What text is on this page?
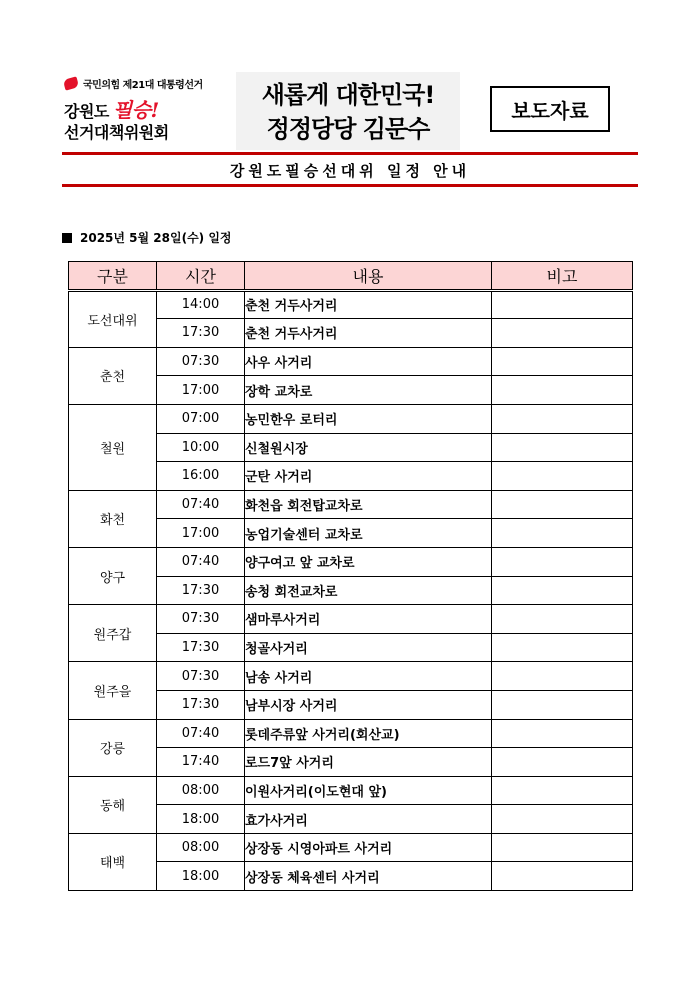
국민의힘 제21대 대통령선거
강원도 필승!
선거대책위원회
새롭게 대한민국!
정정당당 김문수
보도자료
강원도필승선대위 일정 안내
2025년 5월 28일(수) 일정
구분	시간	내용	비고
도선대위	14:00	춘천 거두사거리	
	17:30	춘천 거두사거리	
춘천	07:30	사우 사거리	
	17:00	장학 교차로	
철원	07:00	농민한우 로터리	
	10:00	신철원시장	
	16:00	군탄 사거리	
화천	07:40	화천읍 회전탑교차로	
	17:00	농업기술센터 교차로	
양구	07:40	양구여고 앞 교차로	
	17:30	송청 회전교차로	
원주갑	07:30	샘마루사거리	
	17:30	청골사거리	
원주을	07:30	남송 사거리	
	17:30	남부시장 사거리	
강릉	07:40	롯데주류앞 사거리(회산교)	
	17:40	로드7앞 사거리	
동해	08:00	이원사거리(이도현대 앞)	
	18:00	효가사거리	
태백	08:00	상장동 시영아파트 사거리	
	18:00	상장동 체육센터 사거리	
